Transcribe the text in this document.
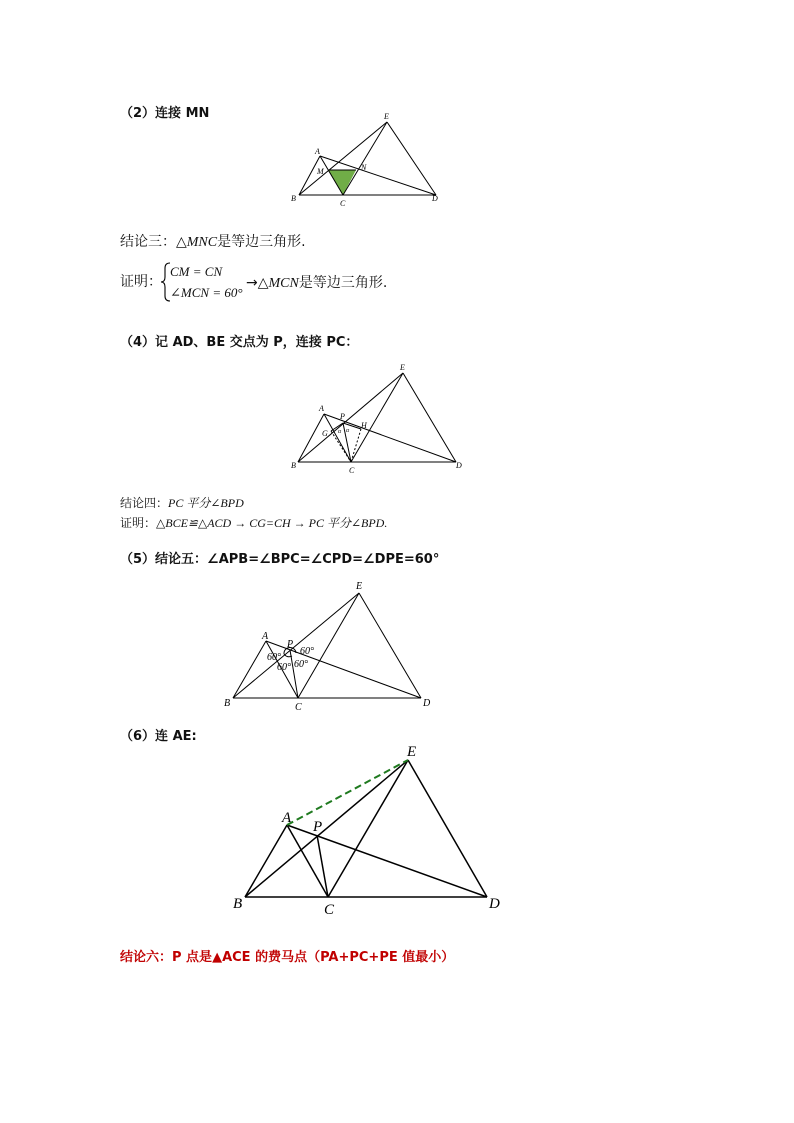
（2）连接 MN	E
A
M	N
B
C
D
结论三：△MNC是等边三角形.
证明：
CM = CN
∠MCN = 60°
→△MCN是等边三角形.
（4）记 AD、BE 交点为 P，连接 PC：
E
A
P
G
H
α α
B
C
D
结论四：PC 平分∠BPD
证明：△BCE≌△ACD → CG=CH → PC 平分∠BPD.
（5）结论五：∠APB=∠BPC=∠CPD=∠DPE=60°
E
A
P
60°
60°
60° 60°
B	C	D
（6）连 AE:
E
A
P
B	C	D
结论六：P 点是▲ACE 的费马点（PA+PC+PE 值最小）
